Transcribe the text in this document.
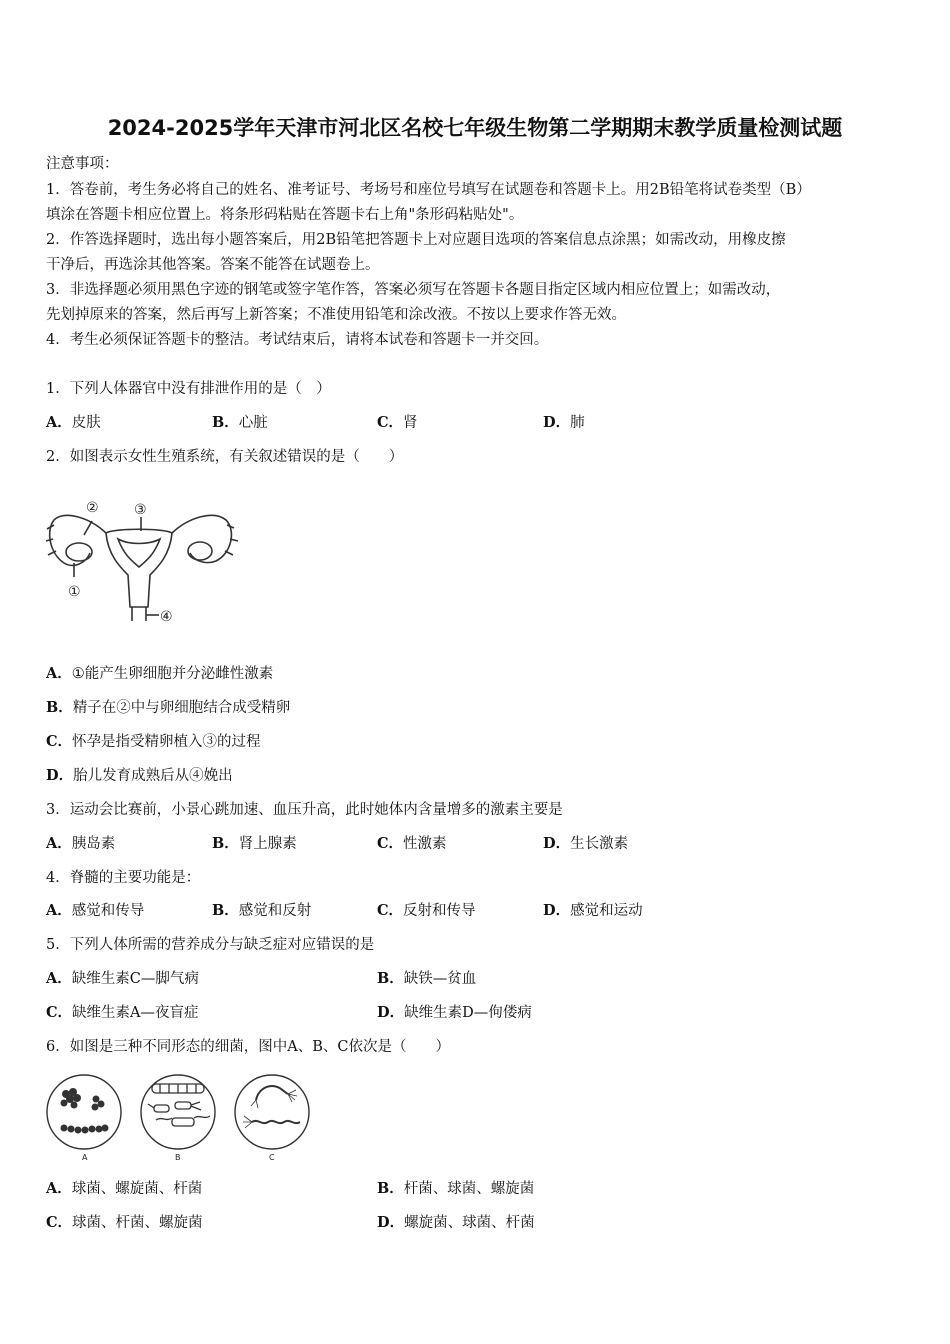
2024-2025学年天津市河北区名校七年级生物第二学期期末教学质量检测试题
注意事项：
1．答卷前，考生务必将自己的姓名、准考证号、考场号和座位号填写在试题卷和答题卡上。用2B铅笔将试卷类型（B）
填涂在答题卡相应位置上。将条形码粘贴在答题卡右上角"条形码粘贴处"。
2．作答选择题时，选出每小题答案后，用2B铅笔把答题卡上对应题目选项的答案信息点涂黑；如需改动，用橡皮擦
干净后，再选涂其他答案。答案不能答在试题卷上。
3．非选择题必须用黑色字迹的钢笔或签字笔作答，答案必须写在答题卡各题目指定区域内相应位置上；如需改动，
先划掉原来的答案，然后再写上新答案；不准使用铅笔和涂改液。不按以上要求作答无效。
4．考生必须保证答题卡的整洁。考试结束后，请将本试卷和答题卡一并交回。
1．下列人体器官中没有排泄作用的是（　）
A．皮肤	B．心脏	C．肾	D．肺
2．如图表示女性生殖系统，有关叙述错误的是（　　）
①
②	③
④
A．①能产生卵细胞并分泌雌性激素
B．精子在②中与卵细胞结合成受精卵
C．怀孕是指受精卵植入③的过程
D．胎儿发育成熟后从④娩出
3．运动会比赛前，小景心跳加速、血压升高，此时她体内含量增多的激素主要是
A．胰岛素	B．肾上腺素	C．性激素	D．生长激素
4．脊髓的主要功能是：
A．感觉和传导	B．感觉和反射	C．反射和传导	D．感觉和运动
5．下列人体所需的营养成分与缺乏症对应错误的是
A．缺维生素C—脚气病	B．缺铁—贫血
C．缺维生素A—夜盲症	D．缺维生素D—佝偻病
6．如图是三种不同形态的细菌，图中A、B、C依次是（　　）
A	B	C
A．球菌、螺旋菌、杆菌	B．杆菌、球菌、螺旋菌
C．球菌、杆菌、螺旋菌	D．螺旋菌、球菌、杆菌
